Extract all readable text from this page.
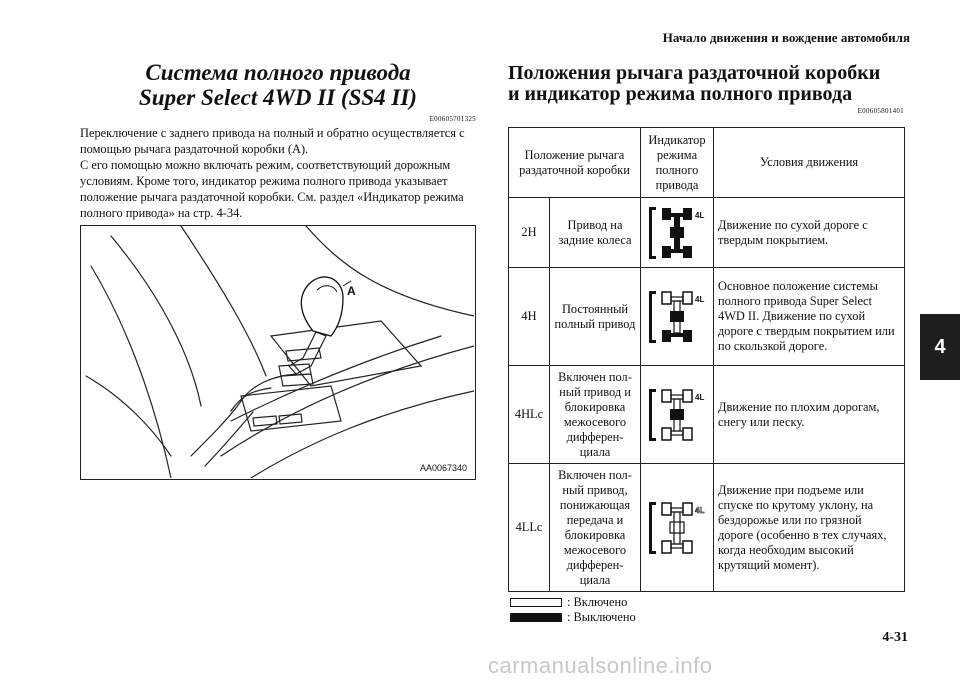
Начало движения и вождение автомобиля
Система полного привода
Super Select 4WD II (SS4 II)
E00605701325

Переключение с заднего привода на полный и обратно осуществляется с помощью рычага раздаточной коробки (A).

С его помощью можно включать режим, соответствующий дорожным условиям. Кроме того, индикатор режима полного привода указывает положение рычага раздаточной коробки. См. раздел «Индикатор режима полного привода» на стр. 4-34.

A
AA0067340
Положения рычага раздаточной коробки
и индикатор режима полного привода
E00605801401
Положение рычага раздаточной коробки		Индикатор режима полного привода	Условия движения
2H	Привод на задние колеса	4L	Движение по сухой дороге с твердым покрытием.
4H	Постоянный полный привод	4L	Основное положение системы полного привода Super Select 4WD II. Движение по сухой дороге с твердым покрытием или по скользкой дороге.
4HLc	Включен пол-ный привод и блокировка межосевого дифферен-циала	4L	Движение по плохим дорогам, снегу или песку.
4LLc	Включен пол-ный привод, понижающая передача и блокировка межосевого дифферен-циала	4L	Движение при подъеме или спуске по крутому уклону, на бездорожье или по грязной дороге (особенно в тех случаях, когда необходим высокий крутящий момент).
: Включено
: Выключено
4
4-31
carmanualsonline.info
